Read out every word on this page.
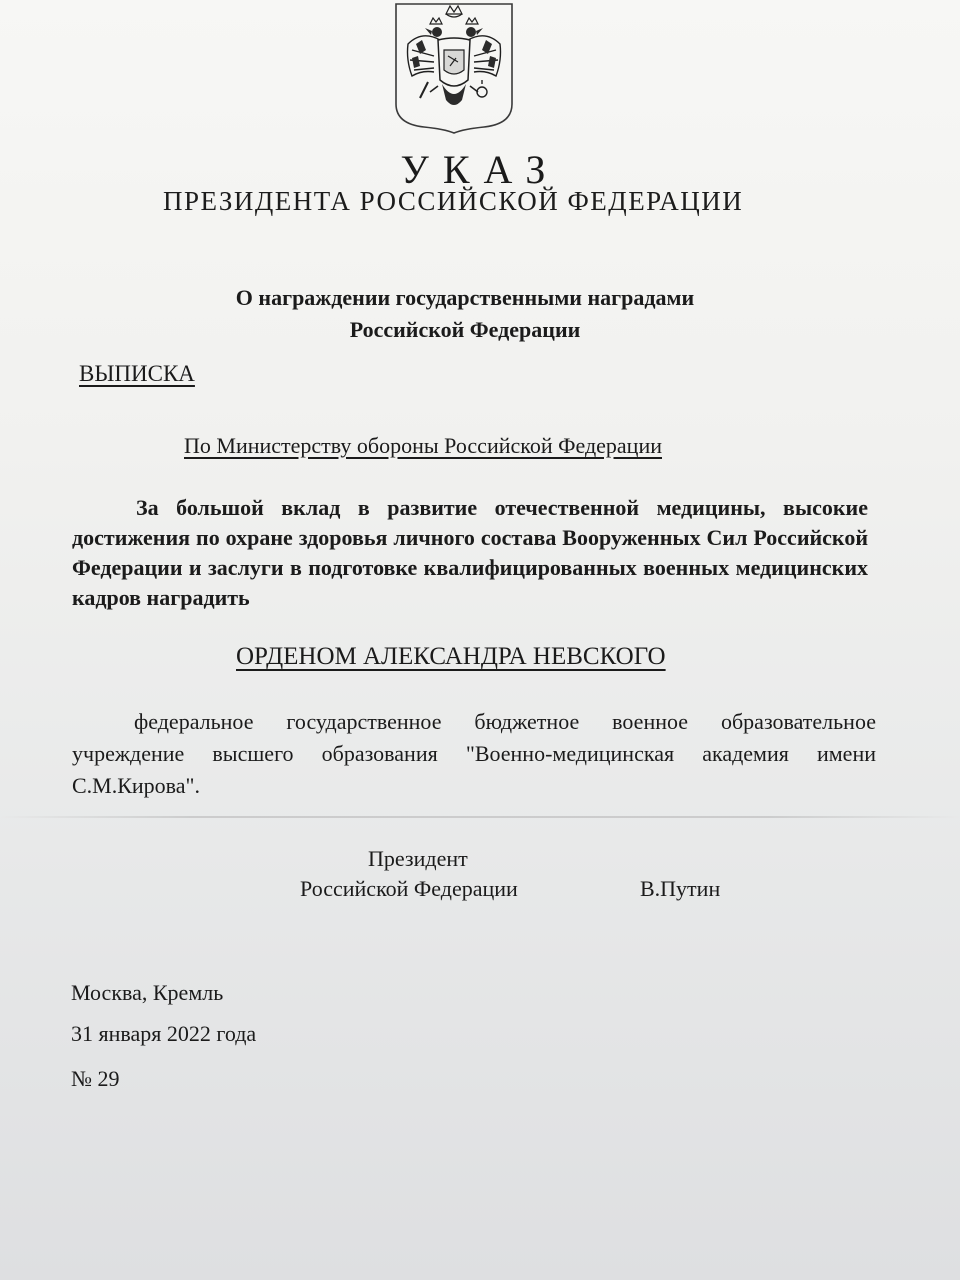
УКАЗ
ПРЕЗИДЕНТА РОССИЙСКОЙ ФЕДЕРАЦИИ
О награждении государственными наградами
Российской Федерации
ВЫПИСКА
По Министерству обороны Российской Федерации
За большой вклад в развитие отечественной медицины, высокие достижения по охране здоровья личного состава Вооруженных Сил Российской Федерации и заслуги в подготовке квалифицированных военных медицинских кадров наградить
ОРДЕНОМ АЛЕКСАНДРА НЕВСКОГО
федеральное государственное бюджетное военное образовательное учреждение высшего образования "Военно-медицинская академия имени С.М.Кирова".
Президент
Российской Федерации	В.Путин
Москва, Кремль
31 января 2022 года
№ 29
